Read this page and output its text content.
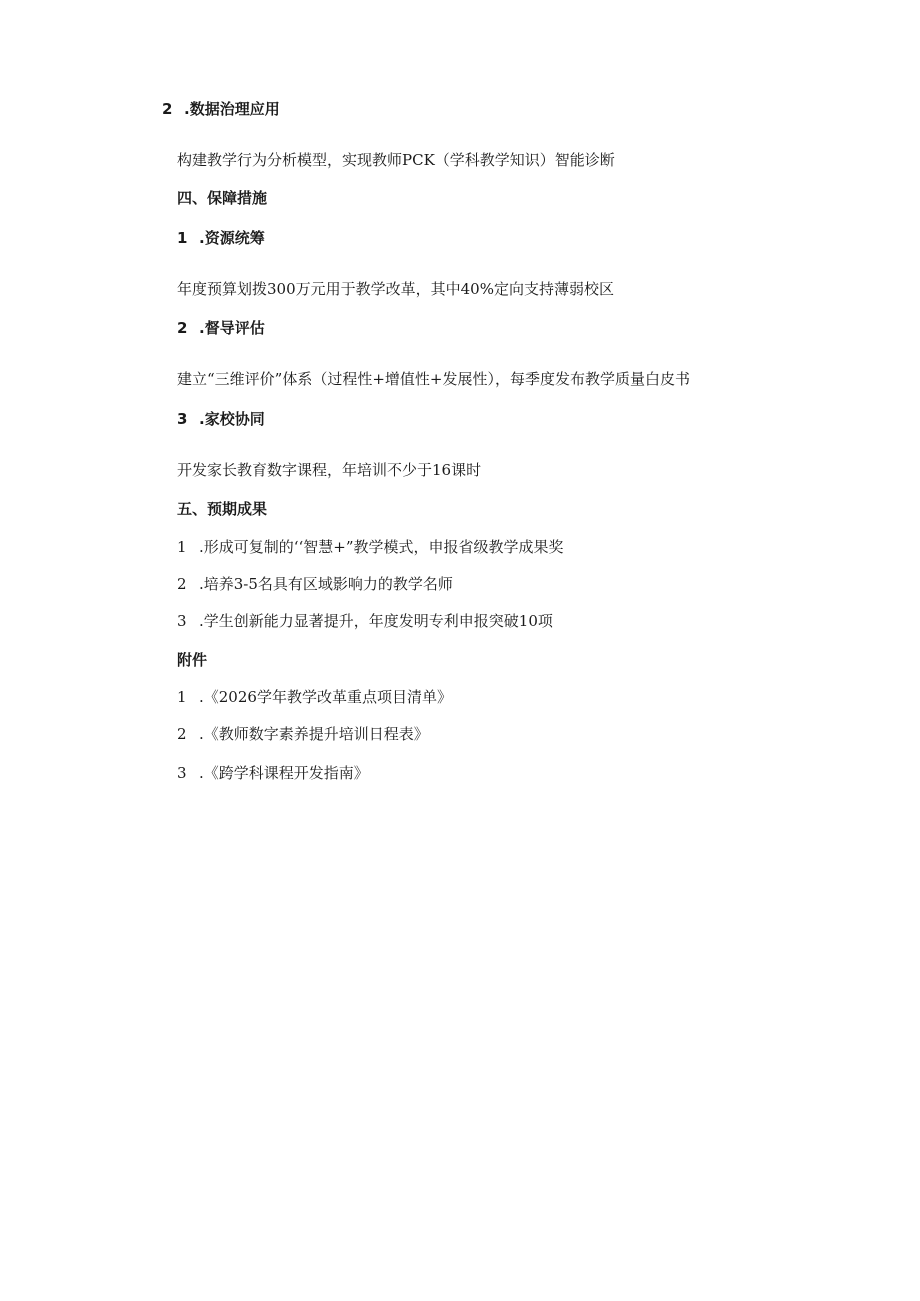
2 .数据治理应用
构建教学行为分析模型，实现教师PCK（学科教学知识）智能诊断
四、保障措施
1 .资源统筹
年度预算划拨300万元用于教学改革，其中40%定向支持薄弱校区
2 .督导评估
建立“三维评价”体系（过程性+增值性+发展性），每季度发布教学质量白皮书
3 .家校协同
开发家长教育数字课程，年培训不少于16课时
五、预期成果
1 .形成可复制的‘‘智慧+”教学模式，申报省级教学成果奖
2 .培养3-5名具有区域影响力的教学名师
3 .学生创新能力显著提升，年度发明专利申报突破10项
附件
1 .《2026学年教学改革重点项目清单》
2 .《教师数字素养提升培训日程表》
3 .《跨学科课程开发指南》
